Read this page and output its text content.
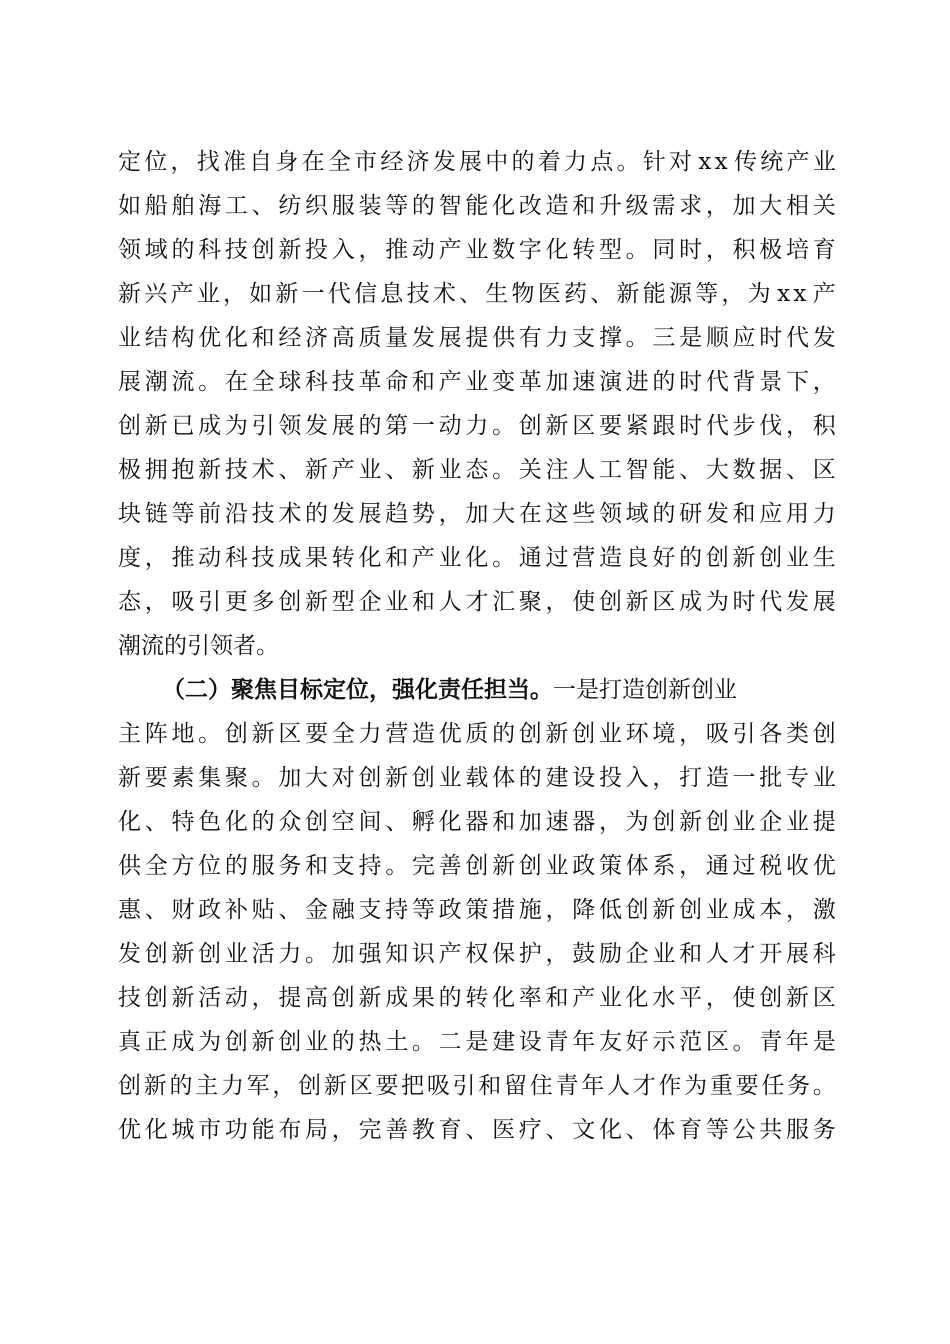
定 位 ， 找 准 自 身 在 全 市 经 济 发 展 中 的 着 力 点 。 针 对 x x 传 统 产 业
如 船 舶 海 工 、 纺 织 服 装 等 的 智 能 化 改 造 和 升 级 需 求 ， 加 大 相 关
领 域 的 科 技 创 新 投 入 ， 推 动 产 业 数 字 化 转 型 。 同 时 ， 积 极 培 育
新 兴 产 业 ， 如 新 一 代 信 息 技 术 、 生 物 医 药 、 新 能 源 等 ， 为 x x 产
业 结 构 优 化 和 经 济 高 质 量 发 展 提 供 有 力 支 撑 。 三 是 顺 应 时 代 发
展 潮 流 。 在 全 球 科 技 革 命 和 产 业 变 革 加 速 演 进 的 时 代 背 景 下 ，
创 新 已 成 为 引 领 发 展 的 第 一 动 力 。 创 新 区 要 紧 跟 时 代 步 伐 ， 积
极 拥 抱 新 技 术 、 新 产 业 、 新 业 态 。 关 注 人 工 智 能 、 大 数 据 、 区
块 链 等 前 沿 技 术 的 发 展 趋 势 ， 加 大 在 这 些 领 域 的 研 发 和 应 用 力
度 ， 推 动 科 技 成 果 转 化 和 产 业 化 。 通 过 营 造 良 好 的 创 新 创 业 生
态 ， 吸 引 更 多 创 新 型 企 业 和 人 才 汇 聚 ， 使 创 新 区 成 为 时 代 发 展
潮流的引领者。
（二）聚焦目标定位，强化责任担当。 一是打造创新创业
主 阵 地 。 创 新 区 要 全 力 营 造 优 质 的 创 新 创 业 环 境 ， 吸 引 各 类 创
新 要 素 集 聚 。 加 大 对 创 新 创 业 载 体 的 建 设 投 入 ， 打 造 一 批 专 业
化 、 特 色 化 的 众 创 空 间 、 孵 化 器 和 加 速 器 ， 为 创 新 创 业 企 业 提
供 全 方 位 的 服 务 和 支 持 。 完 善 创 新 创 业 政 策 体 系 ， 通 过 税 收 优
惠 、 财 政 补 贴 、 金 融 支 持 等 政 策 措 施 ， 降 低 创 新 创 业 成 本 ， 激
发 创 新 创 业 活 力 。 加 强 知 识 产 权 保 护 ， 鼓 励 企 业 和 人 才 开 展 科
技 创 新 活 动 ， 提 高 创 新 成 果 的 转 化 率 和 产 业 化 水 平 ， 使 创 新 区
真 正 成 为 创 新 创 业 的 热 土 。 二 是 建 设 青 年 友 好 示 范 区 。 青 年 是
创 新 的 主 力 军 ， 创 新 区 要 把 吸 引 和 留 住 青 年 人 才 作 为 重 要 任 务 。
优 化 城 市 功 能 布 局 ， 完 善 教 育 、 医 疗 、 文 化 、 体 育 等 公 共 服 务
